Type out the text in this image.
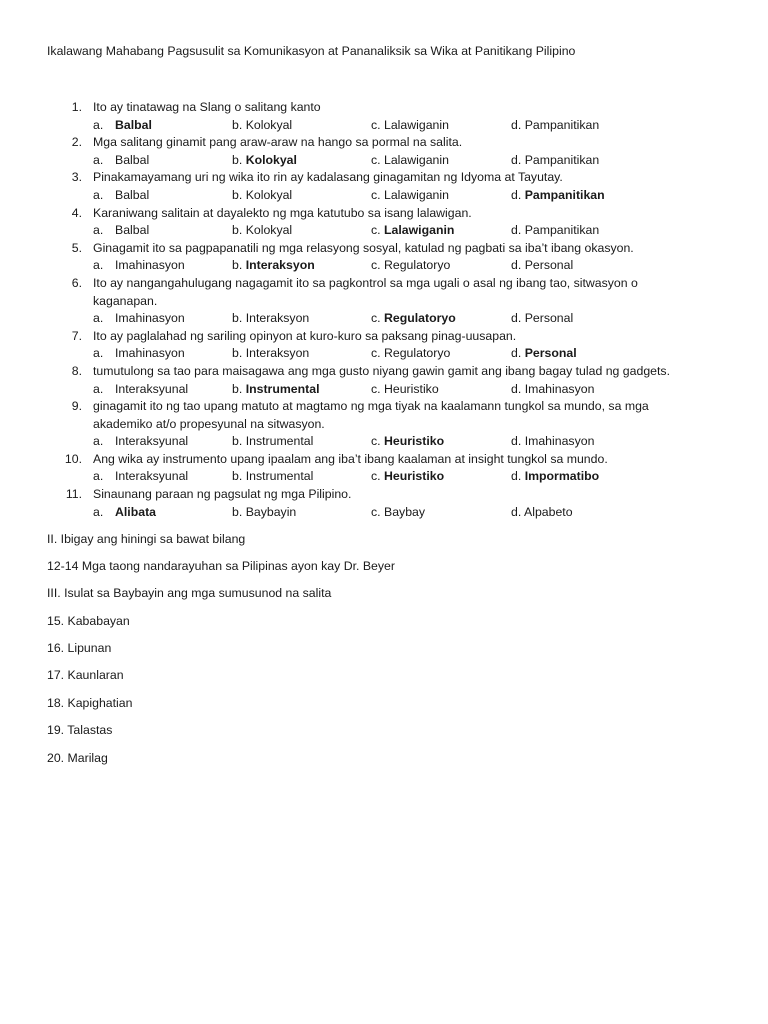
Ikalawang Mahabang Pagsusulit sa Komunikasyon at Pananaliksik sa Wika at Panitikang Pilipino
1. Ito ay tinatawag na Slang o salitang kanto
a. Balbal	b. Kolokyal	c. Lalawiganin	d. Pampanitikan
2. Mga salitang ginamit pang araw-araw na hango sa pormal na salita.
a. Balbal	b. Kolokyal	c. Lalawiganin	d. Pampanitikan
3. Pinakamayamang uri ng wika ito rin ay kadalasang ginagamitan ng Idyoma at Tayutay.
a. Balbal	b. Kolokyal	c. Lalawiganin	d. Pampanitikan
4. Karaniwang salitain at dayalekto ng mga katutubo sa isang lalawigan.
a. Balbal	b. Kolokyal	c. Lalawiganin	d. Pampanitikan
5. Ginagamit ito sa pagpapanatili ng mga relasyong sosyal, katulad ng pagbati sa iba’t ibang okasyon.
a. Imahinasyon	b. Interaksyon	c. Regulatoryo	d. Personal
6. Ito ay nangangahulugang nagagamit ito sa pagkontrol sa mga ugali o asal ng ibang tao, sitwasyon o
kaganapan.
a. Imahinasyon	b. Interaksyon	c. Regulatoryo	d. Personal
7. Ito ay paglalahad ng sariling opinyon at kuro-kuro sa paksang pinag-uusapan.
a. Imahinasyon	b. Interaksyon	c. Regulatoryo	d. Personal
8. tumutulong sa tao para maisagawa ang mga gusto niyang gawin gamit ang ibang bagay tulad ng gadgets.
a. Interaksyunal	b. Instrumental	c. Heuristiko	d. Imahinasyon
9. ginagamit ito ng tao upang matuto at magtamo ng mga tiyak na kaalamann tungkol sa mundo, sa mga
akademiko at/o propesyunal na sitwasyon.
a. Interaksyunal	b. Instrumental	c. Heuristiko	d. Imahinasyon
10. Ang wika ay instrumento upang ipaalam ang iba’t ibang kaalaman at insight tungkol sa mundo.
a. Interaksyunal	b. Instrumental	c. Heuristiko	d. Impormatibo
11. Sinaunang paraan ng pagsulat ng mga Pilipino.
a. Alibata	b. Baybayin	c. Baybay	d. Alpabeto
II. Ibigay ang hiningi sa bawat bilang
12-14 Mga taong nandarayuhan sa Pilipinas ayon kay Dr. Beyer
III. Isulat sa Baybayin ang mga sumusunod na salita
15. Kababayan
16. Lipunan
17. Kaunlaran
18. Kapighatian
19. Talastas
20. Marilag
